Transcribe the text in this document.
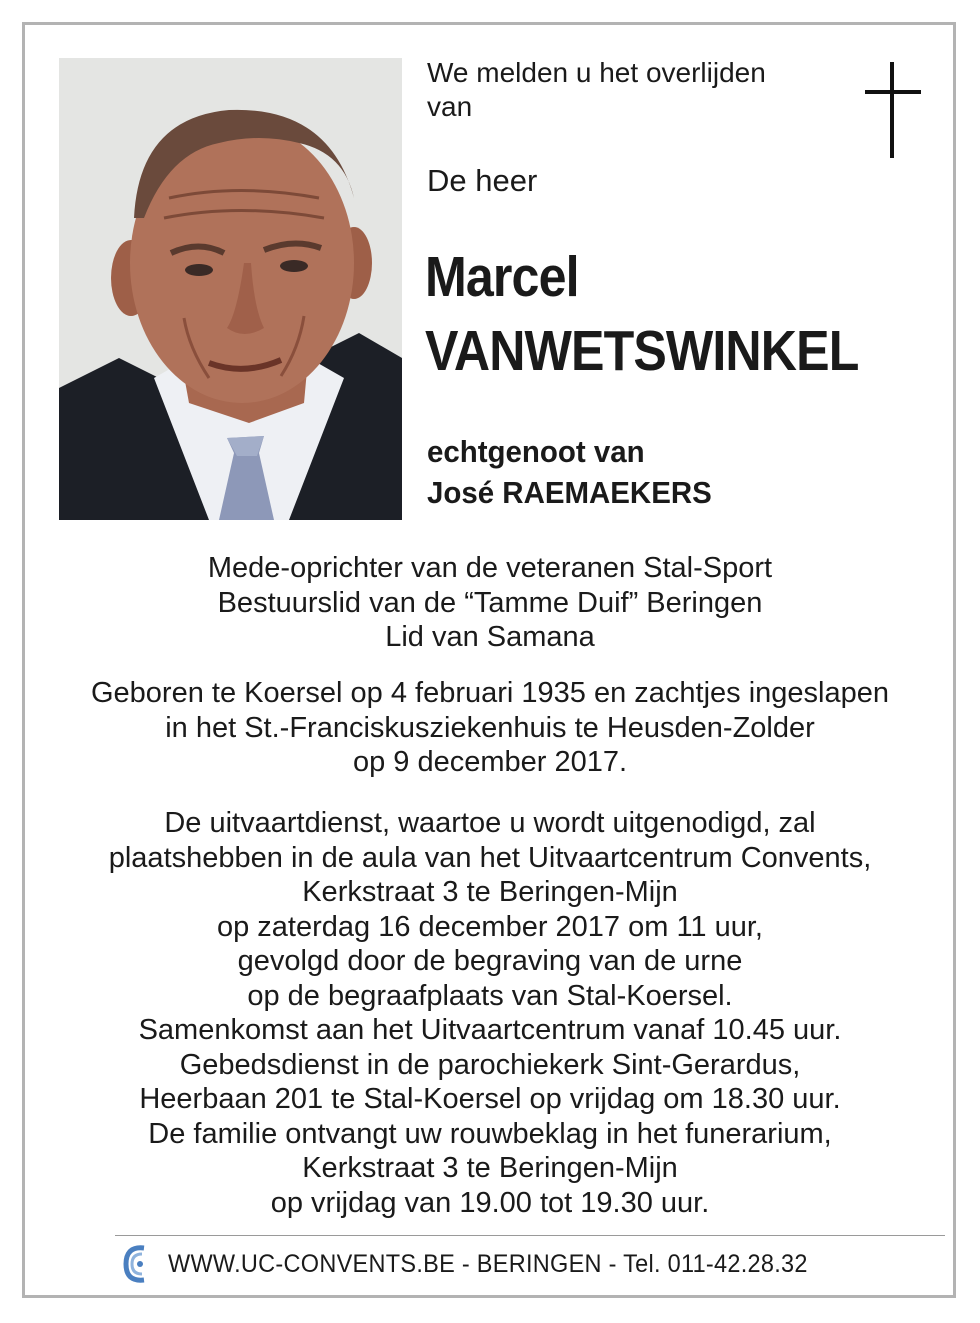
We melden u het overlijden
van
De heer
Marcel
VANWETSWINKEL
echtgenoot van
José RAEMAEKERS
Mede-oprichter van de veteranen Stal-Sport
Bestuurslid van de “Tamme Duif” Beringen
Lid van Samana
Geboren te Koersel op 4 februari 1935 en zachtjes ingeslapen
in het St.-Franciskusziekenhuis te Heusden-Zolder
op 9 december 2017.
De uitvaartdienst, waartoe u wordt uitgenodigd, zal
plaatshebben in de aula van het Uitvaartcentrum Convents,
Kerkstraat 3 te Beringen-Mijn
op zaterdag 16 december 2017 om 11 uur,
gevolgd door de begraving van de urne
op de begraafplaats van Stal-Koersel.
Samenkomst aan het Uitvaartcentrum vanaf 10.45 uur.
Gebedsdienst in de parochiekerk Sint-Gerardus,
Heerbaan 201 te Stal-Koersel op vrijdag om 18.30 uur.
De familie ontvangt uw rouwbeklag in het funerarium,
Kerkstraat 3 te Beringen-Mijn
op vrijdag van 19.00 tot 19.30 uur.
WWW.UC-CONVENTS.BE - BERINGEN - Tel. 011-42.28.32
